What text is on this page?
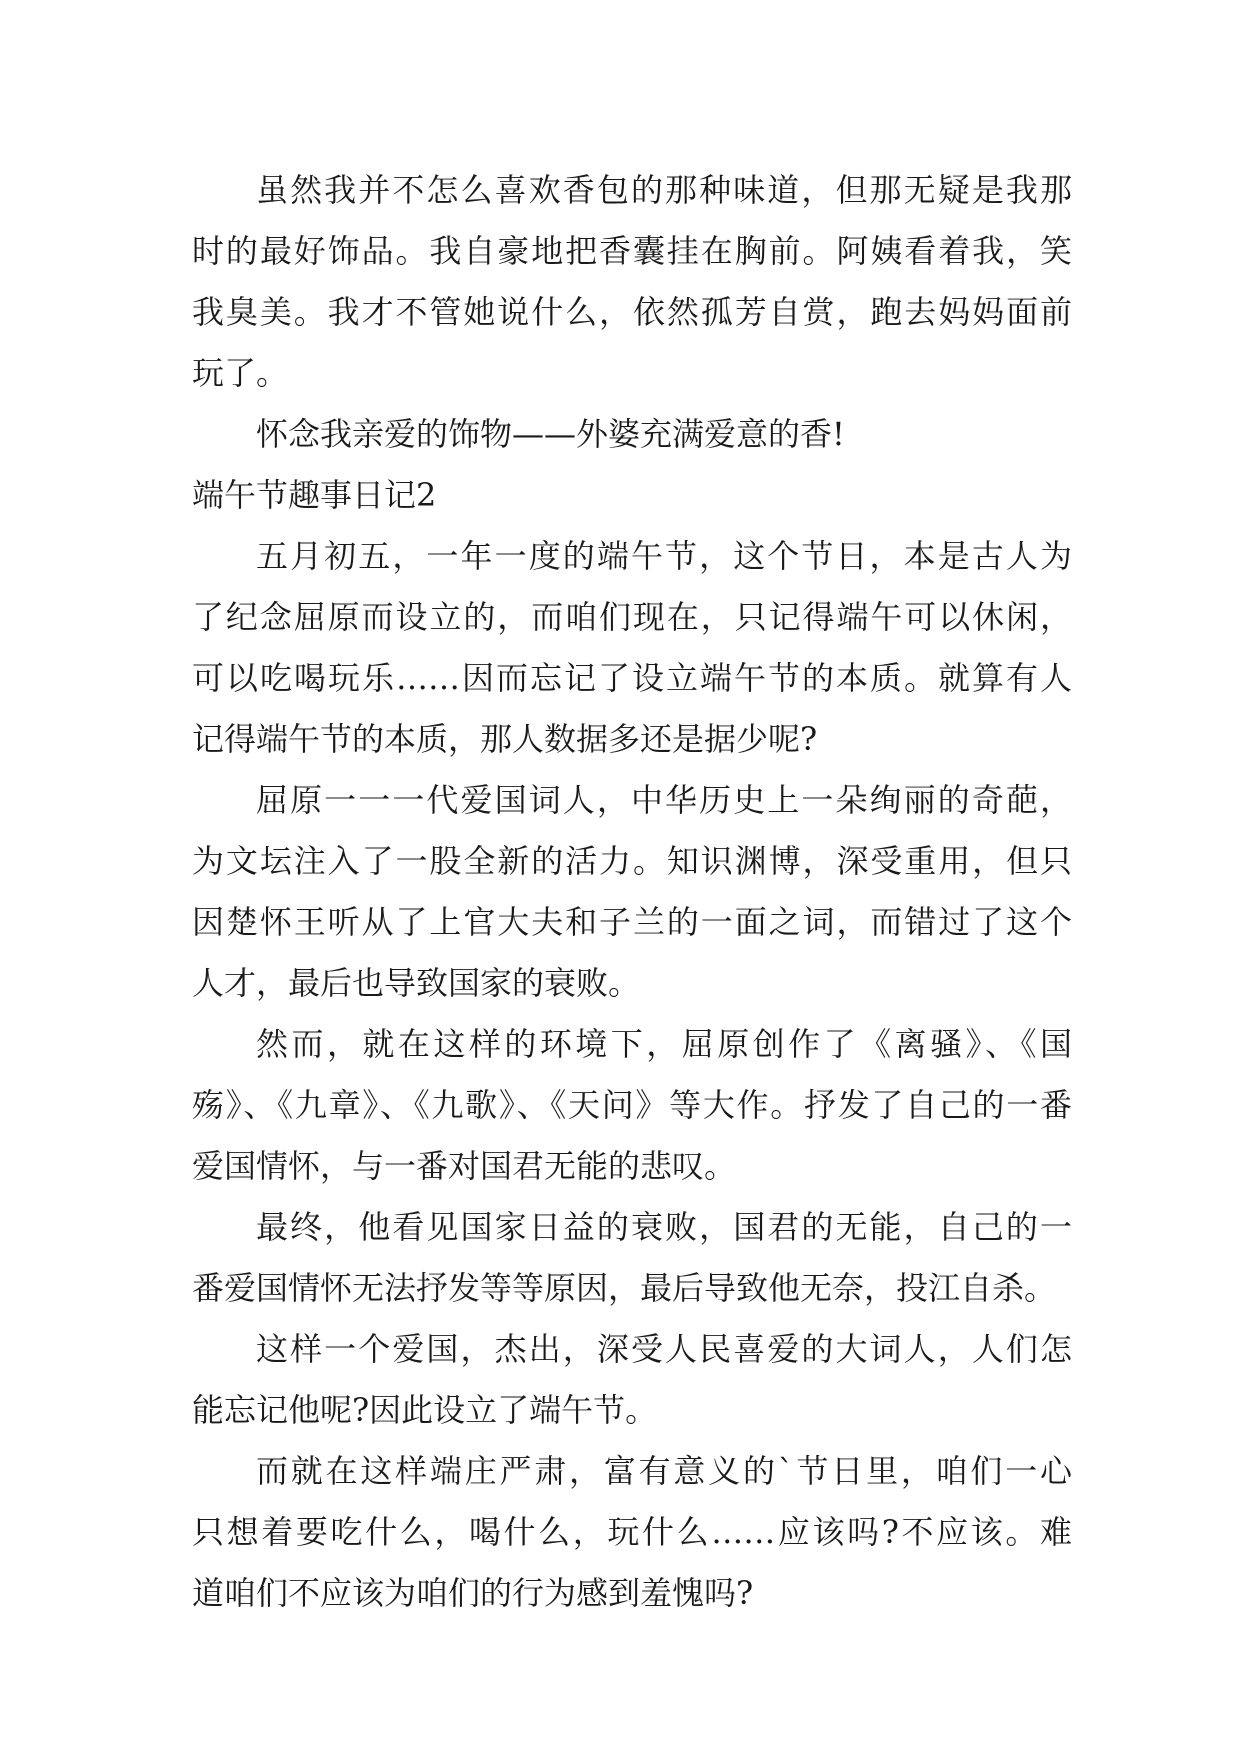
虽然我并不怎么喜欢香包的那种味道，但那无疑是我那
时的最好饰品。我自豪地把香囊挂在胸前。阿姨看着我，笑
我臭美。我才不管她说什么，依然孤芳自赏，跑去妈妈面前
玩了。
怀念我亲爱的饰物——外婆充满爱意的香!
端午节趣事日记2
五月初五，一年一度的端午节，这个节日，本是古人为
了纪念屈原而设立的，而咱们现在，只记得端午可以休闲，
可以吃喝玩乐……因而忘记了设立端午节的本质。就算有人
记得端午节的本质，那人数据多还是据少呢?
屈原一一一代爱国词人，中华历史上一朵绚丽的奇葩，
为文坛注入了一股全新的活力。知识渊博，深受重用，但只
因楚怀王听从了上官大夫和子兰的一面之词，而错过了这个
人才，最后也导致国家的衰败。
然而，就在这样的环境下，屈原创作了《离骚》、《国
殇》、《九章》、《九歌》、《天问》等大作。抒发了自己的一番
爱国情怀，与一番对国君无能的悲叹。
最终，他看见国家日益的衰败，国君的无能，自己的一
番爱国情怀无法抒发等等原因，最后导致他无奈，投江自杀。
这样一个爱国，杰出，深受人民喜爱的大词人，人们怎
能忘记他呢?因此设立了端午节。
而就在这样端庄严肃，富有意义的`节日里，咱们一心
只想着要吃什么，喝什么，玩什么……应该吗?不应该。难
道咱们不应该为咱们的行为感到羞愧吗?
